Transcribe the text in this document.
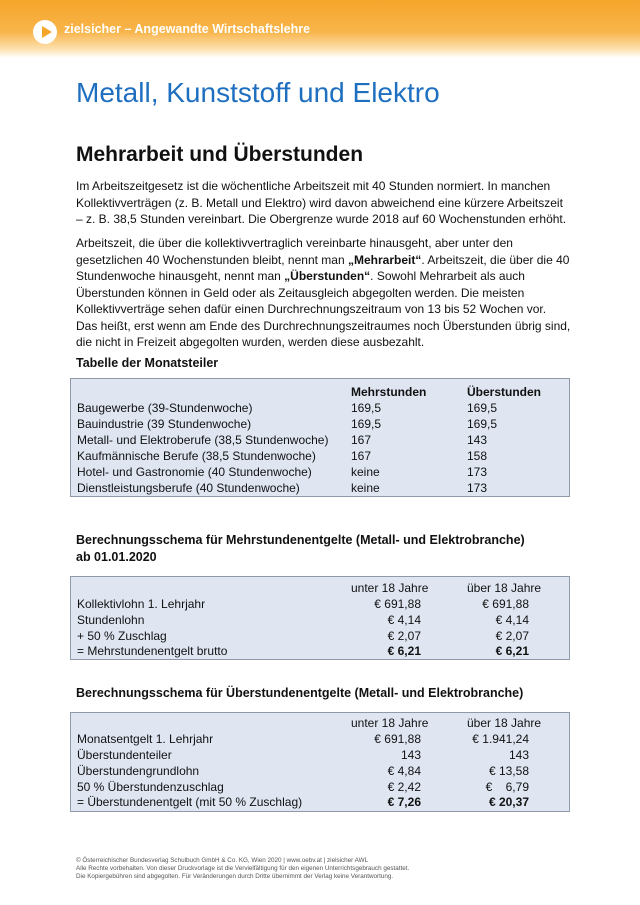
zielsicher – Angewandte Wirtschaftslehre
Metall, Kunststoff und Elektro
Mehrarbeit und Überstunden
Im Arbeitszeitgesetz ist die wöchentliche Arbeitszeit mit 40 Stunden normiert. In manchen
Kollektivverträgen (z. B. Metall und Elektro) wird davon abweichend eine kürzere Arbeitszeit
– z. B. 38,5 Stunden vereinbart. Die Obergrenze wurde 2018 auf 60 Wochenstunden erhöht.
Arbeitszeit, die über die kollektivvertraglich vereinbarte hinausgeht, aber unter den
gesetzlichen 40 Wochenstunden bleibt, nennt man „Mehrarbeit“. Arbeitszeit, die über die 40
Stundenwoche hinausgeht, nennt man „Überstunden“. Sowohl Mehrarbeit als auch
Überstunden können in Geld oder als Zeitausgleich abgegolten werden. Die meisten
Kollektivverträge sehen dafür einen Durchrechnungszeitraum von 13 bis 52 Wochen vor.
Das heißt, erst wenn am Ende des Durchrechnungszeitraumes noch Überstunden übrig sind,
die nicht in Freizeit abgegolten wurden, werden diese ausbezahlt.
Tabelle der Monatsteiler
Mehrstunden	Überstunden
Baugewerbe (39-Stundenwoche)	169,5	169,5
Bauindustrie (39 Stundenwoche)	169,5	169,5
Metall- und Elektroberufe (38,5 Stundenwoche) 167	143
Kaufmännische Berufe (38,5 Stundenwoche)	167	158
Hotel- und Gastronomie (40 Stundenwoche)	keine	173
Dienstleistungsberufe (40 Stundenwoche)	keine	173
Berechnungsschema für Mehrstundenentgelte (Metall- und Elektrobranche)
ab 01.01.2020
unter 18 Jahre	über 18 Jahre
Kollektivlohn 1. Lehrjahr	€ 691,88	€ 691,88
Stundenlohn	€ 4,14	€ 4,14
+ 50 % Zuschlag	€ 2,07	€ 2,07
= Mehrstundenentgelt brutto	€ 6,21	€ 6,21
Berechnungsschema für Überstundenentgelte (Metall- und Elektrobranche)
unter 18 Jahre	über 18 Jahre
Monatsentgelt 1. Lehrjahr	€ 691,88	€ 1.941,24
Überstundenteiler	143	143
Überstundengrundlohn	€ 4,84	€ 13,58
50 % Überstundenzuschlag	€ 2,42	€    6,79
= Überstundenentgelt (mit 50 % Zuschlag)	€ 7,26	€ 20,37
© Österreichischer Bundesverlag Schulbuch GmbH & Co. KG, Wien 2020 | www.oebv.at | zielsicher AWL
Alle Rechte vorbehalten. Von dieser Druckvorlage ist die Vervielfältigung für den eigenen Unterrichtsgebrauch gestattet.
Die Kopiergebühren sind abgegolten. Für Veränderungen durch Dritte übernimmt der Verlag keine Verantwortung.
